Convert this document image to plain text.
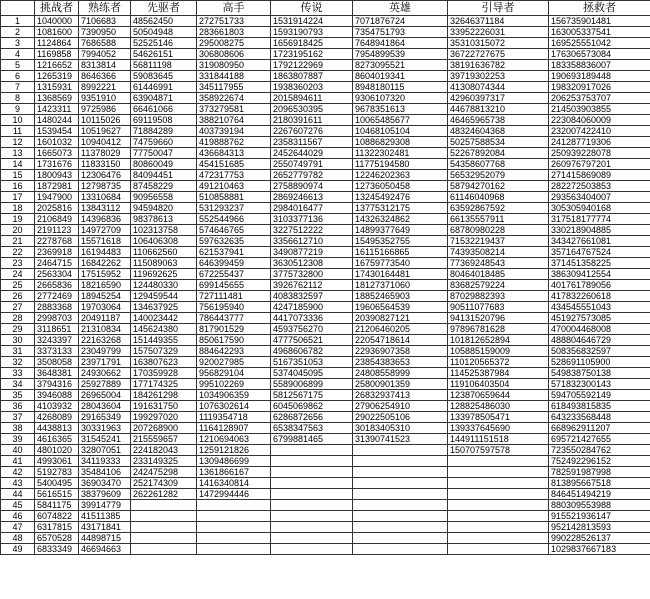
	挑战者	熟练者	先驱者	高手	传说	英雄	引导者	拯救者
1	1040000	7106683	48562450	272751733	1531914224	7071876724	32646371184	156735901481
2	1081600	7390950	50504948	283661803	1593190793	7354751793	33952226031	163005337541
3	1124864	7686588	52525146	295008275	1656918425	7648941864	35310315072	169525551042
4	1169858	7994052	54626151	306808606	1723195162	7954899539	36722727675	176306573084
5	1216652	8313814	56811198	319080950	1792122969	8273095521	38191636782	183358836007
6	1265319	8646366	59083645	331844188	1863807887	8604019341	39719302253	190693189448
7	1315931	8992221	61446991	345117955	1938360203	8948180115	41308074344	198320917026
8	1368569	9351910	63904871	358922674	2015894611	9306107320	42960397317	206253753707
9	1423311	9725986	66461066	373279581	2096530395	9678351613	44678813210	214503903855
10	1480244	10115026	69119508	388210764	2180391611	10065485677	46465965738	223084060009
11	1539454	10519627	71884289	403739194	2267607276	10468105104	48324604368	232007422410
12	1601032	10940412	74759660	419888762	2358311567	10886829308	50257588534	241287719306
13	1665073	11378029	77750047	436684313	2452644029	11322302481	52267892084	250939228078
14	1731676	11833150	80860049	454151685	2550749791	11775194580	54358607768	260976797201
15	1800943	12306476	84094451	472317753	2652779782	12246202363	56532952079	271415869089
16	1872981	12798735	87458229	491210463	2758890974	12736050458	58794270162	282272503853
17	1947900	13310684	90956558	510858881	2869246613	13245492476	61146040968	293563404007
18	2025816	13843112	94594820	531293237	2984016477	13775312175	63592867592	305305940168
19	2106849	14396836	98378613	552544966	3103377136	14326324862	66135557911	317518177774
20	2191123	14972709	102313758	574646765	3227512222	14899377649	68780980228	330218904885
21	2278768	15571618	106406308	597632635	3356612710	15495352755	71532219437	343427661081
22	2369918	16194483	110662560	621537941	3490877219	16115166865	74393508214	357164767524
23	2464715	16842262	115089063	646399459	3630512308	16759773540	77369248543	371451358225
24	2563304	17515952	119692625	672255437	3775732800	17430164481	80464018485	386309412554
25	2665836	18216590	124480330	699145655	3926762112	18127371060	83682579224	401761789056
26	2772469	18945254	129459544	727111481	4083832597	18852465903	87029882393	417832260618
27	2883368	19703064	134637925	756195940	4247185900	19606564539	90511077683	434545551043
28	2998703	20491187	140023442	786443777	4417073336	20390827121	94131520796	451927573085
29	3118651	21310834	145624380	817901529	4593756270	21206460205	97896781628	470004468008
30	3243397	22163268	151449355	850617590	4777506521	22054718614	101812652894	488804646729
31	3373133	23049799	157507329	884642293	4968606782	22936907358	105885159009	508356832597
32	3508058	23971791	163807623	920027985	5167351053	23854383653	110120565372	528691105900
33	3648381	24930662	170359928	956829104	5374045095	24808558999	114525387984	549838750138
34	3794316	25927889	177174325	995102269	5589006899	25800901359	119106403504	571832300143
35	3946088	26965004	184261298	1034906359	5812567175	26832937413	123870659644	594705592149
36	4103932	28043604	191631750	1076302614	6045069862	27906254910	128825486030	618493815835
37	4268089	29165349	199297020	1119354718	6286872656	29022505106	133978505471	643233568448
38	4438813	30331963	207268900	1164128907	6538347563	30183405310	139337645690	668962911207
39	4616365	31545241	215559657	1210694063	6799881465	31390741523	144911151518	695721427655
40	4801020	32807051	224182043	1259121826			150707597578	723550284762
41	4993061	34119333	233149325	1309486699				752492296152
42	5192783	35484106	242475298	1361866167				782591987998
43	5400495	36903470	252174309	1416340814				813895667518
44	5616515	38379609	262261282	1472994446				846451494219
45	5841175	39914779						880309553988
46	6074822	41511385						915521936147
47	6317815	43171841						952142813593
48	6570528	44898715						990228526137
49	6833349	46694663						1029837667183
